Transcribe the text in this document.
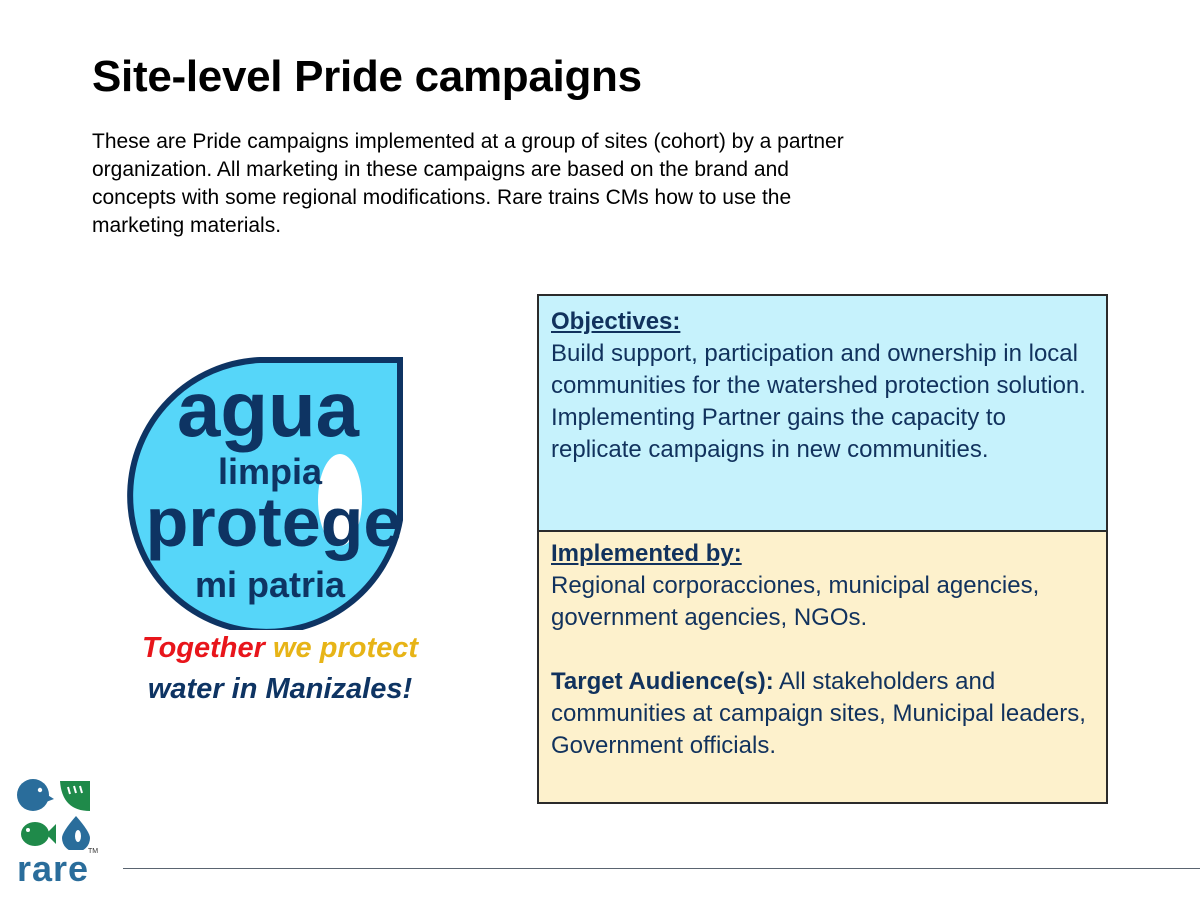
Site-level Pride campaigns
These are Pride campaigns implemented at a group of sites (cohort) by a partner organization. All marketing in these campaigns are based on the brand and concepts with some regional modifications. Rare trains CMs how to use the marketing materials.
agua
limpia
protege
mi patria
Together we protect
water in Manizales!
Objectives:
Build support, participation and ownership in local communities for the watershed protection solution. Implementing Partner gains the capacity to replicate campaigns in new communities.
Implemented by:
Regional corporacciones, municipal agencies, government agencies, NGOs.
Target Audience(s): All stakeholders and communities at campaign sites, Municipal leaders, Government officials.
rare
TM
